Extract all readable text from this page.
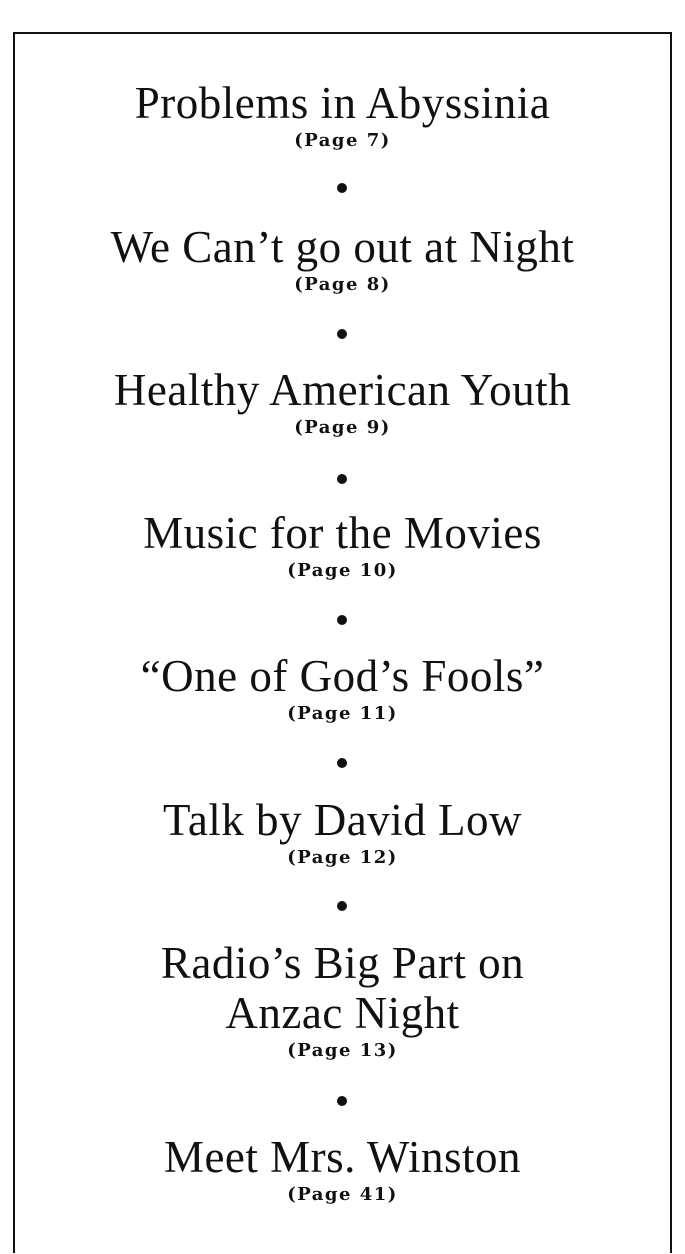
Problems in Abyssinia
(Page 7)
We Can’t go out at Night
(Page 8)
Healthy American Youth
(Page 9)
Music for the Movies
(Page 10)
“One of God’s Fools”
(Page 11)
Talk by David Low
(Page 12)
Radio’s Big Part on
Anzac Night
(Page 13)
Meet Mrs. Winston
(Page 41)
